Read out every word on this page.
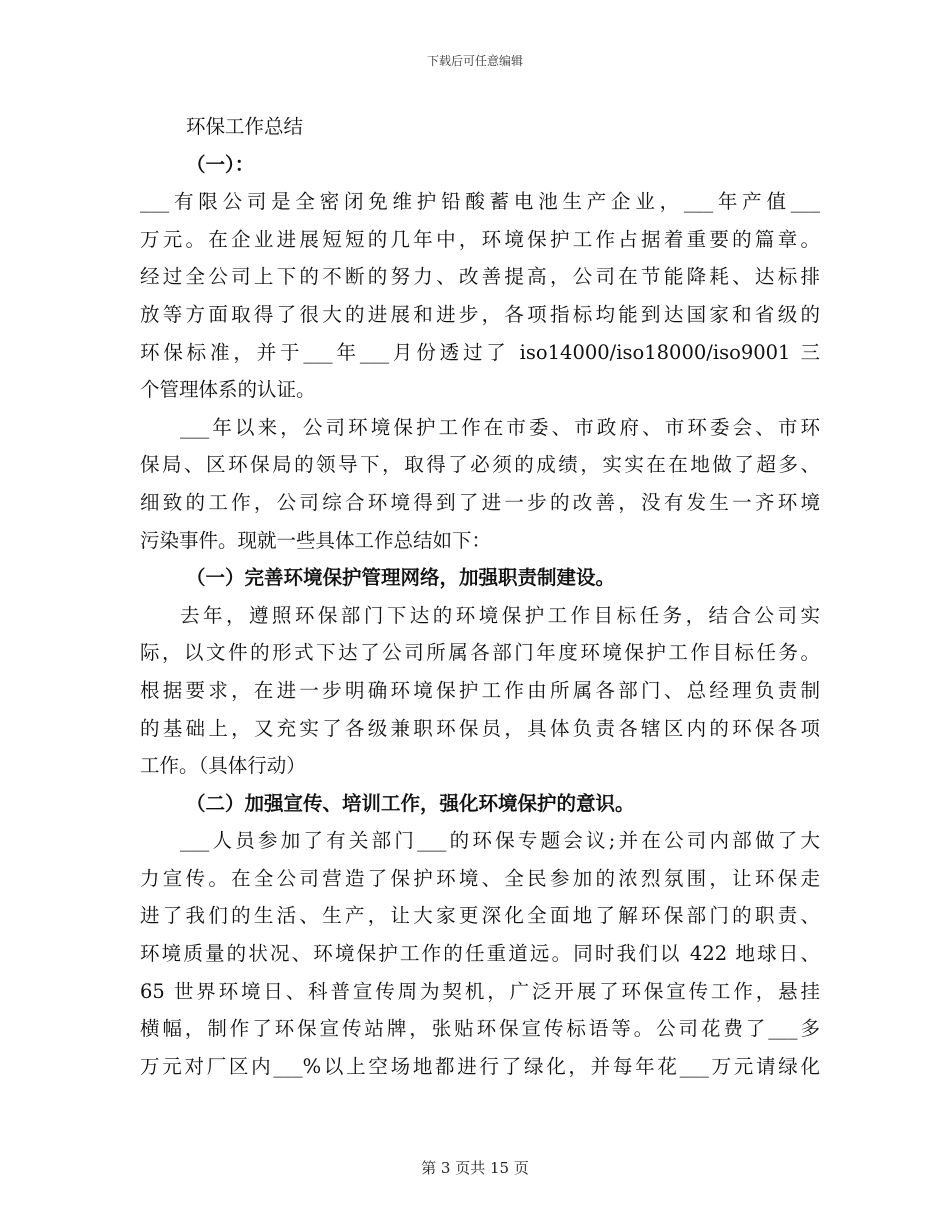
下载后可任意编辑
环保工作总结
（一）：
___有限公司是全密闭免维护铅酸蓄电池生产企业，___年产值___
万元。在企业进展短短的几年中，环境保护工作占据着重要的篇章。
经过全公司上下的不断的努力、改善提高，公司在节能降耗、达标排
放等方面取得了很大的进展和进步，各项指标均能到达国家和省级的
环保标准，并于___年___月份透过了 iso14000/iso18000/iso9001 三
个管理体系的认证。
___年以来，公司环境保护工作在市委、市政府、市环委会、市环
保局、区环保局的领导下，取得了必须的成绩，实实在在地做了超多、
细致的工作，公司综合环境得到了进一步的改善，没有发生一齐环境
污染事件。现就一些具体工作总结如下：
（一）完善环境保护管理网络，加强职责制建设。
去年，遵照环保部门下达的环境保护工作目标任务，结合公司实
际，以文件的形式下达了公司所属各部门年度环境保护工作目标任务。
根据要求，在进一步明确环境保护工作由所属各部门、总经理负责制
的基础上，又充实了各级兼职环保员，具体负责各辖区内的环保各项
工作。（具体行动）
（二）加强宣传、培训工作，强化环境保护的意识。
___人员参加了有关部门___的环保专题会议;并在公司内部做了大
力宣传。在全公司营造了保护环境、全民参加的浓烈氛围，让环保走
进了我们的生活、生产，让大家更深化全面地了解环保部门的职责、
环境质量的状况、环境保护工作的任重道远。同时我们以 422 地球日、
65 世界环境日、科普宣传周为契机，广泛开展了环保宣传工作，悬挂
横幅，制作了环保宣传站牌，张贴环保宣传标语等。公司花费了___多
万元对厂区内___%以上空场地都进行了绿化，并每年花___万元请绿化
第 3 页共 15 页
